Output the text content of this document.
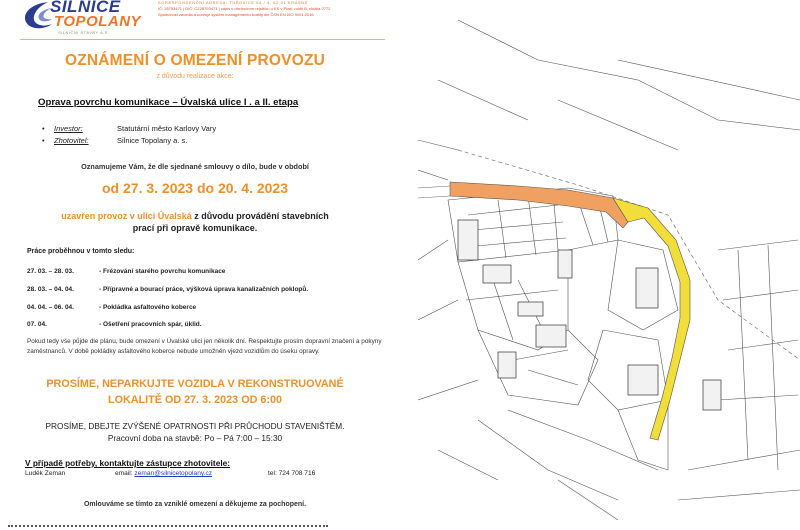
SILNICE
TOPOLANY
SILNIČNÍ STAVBY A.S.
KORESPONDENČNÍ ADRESA: TUŠOVICE 64 / 4, 62 01 KRÁSNÉ
IČ: 26753471 | DIČ: CZ26753471 | zápis v obchodním rejstříku u KS v Plzni, oddíl B, vložka 2772
Společnost zavedla a udržuje systém managementu kvality dle ČSN EN ISO 9001:2016
OZNÁMENÍ O OMEZENÍ PROVOZU
z důvodu realizace akce:
Oprava povrchu komunikace – Úvalská ulice I . a II. etapa
• Investor:	Statutární město Karlovy Vary
• Zhotovitel:	Silnice Topolany a. s.
Oznamujeme Vám, že dle sjednané smlouvy o dílo, bude v období
od 27. 3. 2023 do 20. 4. 2023
uzavřen provoz v ulici Úvalská z důvodu provádění stavebních
prací při opravě komunikace.
Práce proběhnou v tomto sledu:
27. 03. – 28. 03.	- Frézování starého povrchu komunikace
28. 03. – 04. 04.	- Přípravné a bourací práce, výšková úprava kanalizačních poklopů.
04. 04. – 06. 04.	- Pokládka asfaltového koberce
07. 04.	- Ošetření pracovních spár, úklid.
Pokud tedy vše půjde dle plánu, bude omezení v Úvalské ulici jen několik dní. Respektujte prosím dopravní značení a pokyny zaměstnanců. V době pokládky asfaltového koberce nebude umožněn vjezd vozidlům do úseku opravy.
PROSÍME, NEPARKUJTE VOZIDLA V REKONSTRUOVANÉ
LOKALITĚ OD 27. 3. 2023 OD 6:00
PROSÍME, DBEJTE ZVÝŠENÉ OPATRNOSTI PŘI PRŮCHODU STAVENIŠTĚM.
Pracovní doba na stavbě: Po – Pá 7:00 – 15:30
V případě potřeby, kontaktujte zástupce zhotovitele:
Luděk Zeman	email: zeman@silnicetopolany.cz	tel: 724 708 716
Omlouváme se tímto za vzniklé omezení a děkujeme za pochopení.
